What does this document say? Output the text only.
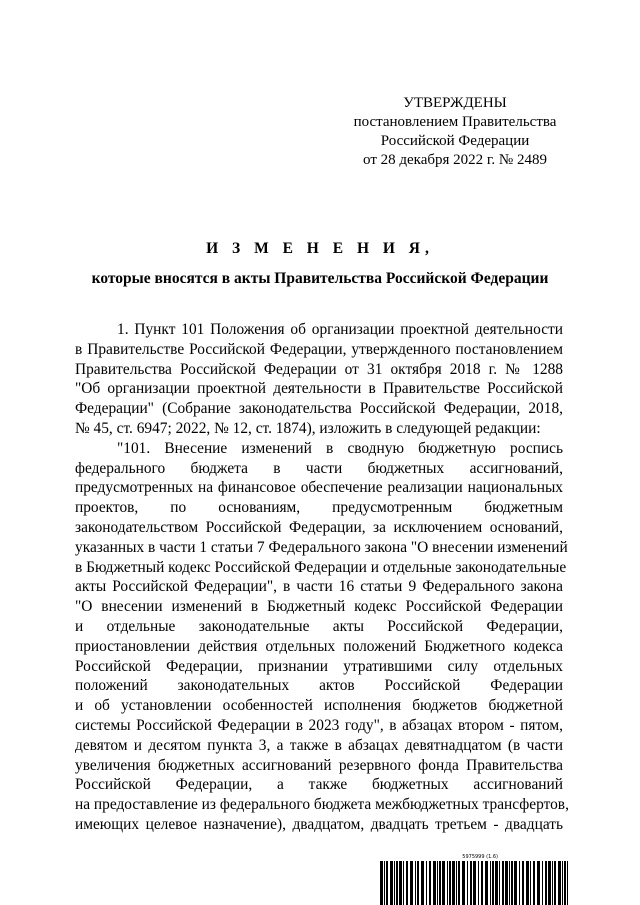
УТВЕРЖДЕНЫ
постановлением Правительства
Российской Федерации
от 28 декабря 2022 г. № 2489
И З М Е Н Е Н И Я,
которые вносятся в акты Правительства Российской Федерации
1. Пункт 101 Положения об организации проектной деятельности
в Правительстве Российской Федерации, утвержденного постановлением
Правительства Российской Федерации от 31 октября 2018 г. № 1288
"Об организации проектной деятельности в Правительстве Российской
Федерации" (Собрание законодательства Российской Федерации, 2018,
№ 45, ст. 6947; 2022, № 12, ст. 1874), изложить в следующей редакции:
"101. Внесение изменений в сводную бюджетную роспись
федерального бюджета в части бюджетных ассигнований,
предусмотренных на финансовое обеспечение реализации национальных
проектов, по основаниям, предусмотренным бюджетным
законодательством Российской Федерации, за исключением оснований,
указанных в части 1 статьи 7 Федерального закона "О внесении изменений
в Бюджетный кодекс Российской Федерации и отдельные законодательные
акты Российской Федерации", в части 16 статьи 9 Федерального закона
"О внесении изменений в Бюджетный кодекс Российской Федерации
и отдельные законодательные акты Российской Федерации,
приостановлении действия отдельных положений Бюджетного кодекса
Российской Федерации, признании утратившими силу отдельных
положений законодательных актов Российской Федерации
и об установлении особенностей исполнения бюджетов бюджетной
системы Российской Федерации в 2023 году", в абзацах втором - пятом,
девятом и десятом пункта 3, а также в абзацах девятнадцатом (в части
увеличения бюджетных ассигнований резервного фонда Правительства
Российской Федерации, а также бюджетных ассигнований
на предоставление из федерального бюджета межбюджетных трансфертов,
имеющих целевое назначение), двадцатом, двадцать третьем - двадцать
5975999 (1.6)
